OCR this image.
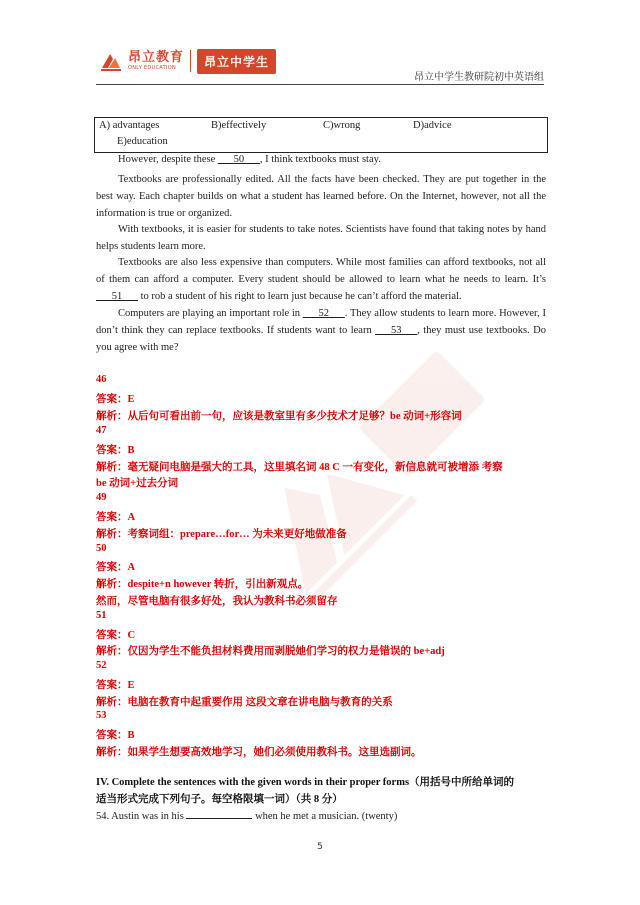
昂立教育
ONLY EDUCATION	昂立中学生
昂立中学生教研院初中英语组
A) advantages	B)effectively	C)wrong	D)advice
E)education
However, despite these ___50___, I think textbooks must stay.
Textbooks are professionally edited. All the facts have been checked. They are put together in the best way. Each chapter builds on what a student has learned before. On the Internet, however, not all the information is true or organized.
With textbooks, it is easier for students to take notes. Scientists have found that taking notes by hand helps students learn more.
Textbooks are also less expensive than computers. While most families can afford textbooks, not all of them can afford a computer. Every student should be allowed to learn what he needs to learn. It’s ___51___ to rob a student of his right to learn just because he can’t afford the material.
Computers are playing an important role in ___52___. They allow students to learn more. However, I don’t think they can replace textbooks. If students want to learn ___53___, they must use textbooks. Do you agree with me?
46
答案：E
解析：从后句可看出前一句，应该是教室里有多少技术才足够？be 动词+形容词
47
答案：B
解析：毫无疑问电脑是强大的工具，这里填名词 48 C 一有变化，新信息就可被增添 考察
be 动词+过去分词
49
答案：A
解析：考察词组：prepare…for… 为未来更好地做准备
50
答案：A
解析：despite+n however 转折，引出新观点。
然而，尽管电脑有很多好处，我认为教科书必须留存
51
答案：C
解析：仅因为学生不能负担材料费用而剥脱她们学习的权力是错误的 be+adj
52
答案：E
解析：电脑在教育中起重要作用 这段文章在讲电脑与教育的关系
53
答案：B
解析：如果学生想要高效地学习，她们必须使用教科书。这里选副词。
IV. Complete the sentences with the given words in their proper forms（用括号中所给单词的
适当形式完成下列句子。每空格限填一词）（共 8 分）
54. Austin was in his	when he met a musician. (twenty)
5
